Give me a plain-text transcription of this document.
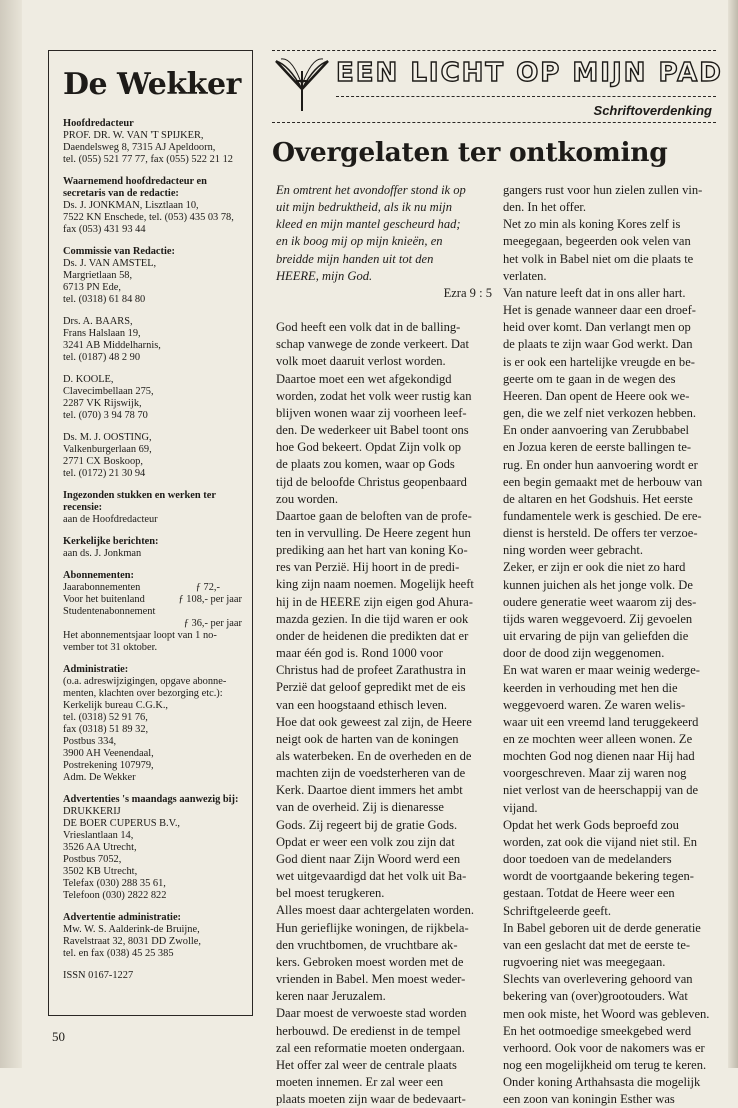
De Wekker
Hoofdredacteur
PROF. DR. W. VAN 'T SPIJKER,
Daendelsweg 8, 7315 AJ Apeldoorn,
tel. (055) 521 77 77, fax (055) 522 21 12
Waarnemend hoofdredacteur en
secretaris van de redactie:
Ds. J. JONKMAN, Lisztlaan 10,
7522 KN Enschede, tel. (053) 435 03 78,
fax (053) 431 93 44
Commissie van Redactie:
Ds. J. VAN AMSTEL,
Margrietlaan 58,
6713 PN Ede,
tel. (0318) 61 84 80
Drs. A. BAARS,
Frans Halslaan 19,
3241 AB Middelharnis,
tel. (0187) 48 2 90
D. KOOLE,
Clavecimbellaan 275,
2287 VK Rijswijk,
tel. (070) 3 94 78 70
Ds. M. J. OOSTING,
Valkenburgerlaan 69,
2771 CX Boskoop,
tel. (0172) 21 30 94
Ingezonden stukken en werken ter
recensie:
aan de Hoofdredacteur
Kerkelijke berichten:
aan ds. J. Jonkman
Abonnementen:
Jaarabonnementen	ƒ 72,-
Voor het buitenland	ƒ 108,- per jaar
Studentenabonnement
ƒ 36,- per jaar
Het abonnementsjaar loopt van 1 no-
vember tot 31 oktober.
Administratie:
(o.a. adreswijzigingen, opgave abonne-
menten, klachten over bezorging etc.):
Kerkelijk bureau C.G.K.,
tel. (0318) 52 91 76,
fax (0318) 51 89 32,
Postbus 334,
3900 AH Veenendaal,
Postrekening 107979,
Adm. De Wekker
Advertenties 's maandags aanwezig bij:
DRUKKERIJ
DE BOER CUPERUS B.V.,
Vrieslantlaan 14,
3526 AA Utrecht,
Postbus 7052,
3502 KB Utrecht,
Telefax (030) 288 35 61,
Telefoon (030) 2822 822
Advertentie administratie:
Mw. W. S. Aalderink-de Bruijne,
Ravelstraat 32, 8031 DD Zwolle,
tel. en fax (038) 45 25 385
ISSN 0167-1227
EEN LICHT OP MIJN PAD
Schriftoverdenking
Overgelaten ter ontkoming
En omtrent het avondoffer stond ik op
uit mijn bedruktheid, als ik nu mijn
kleed en mijn mantel gescheurd had;
en ik boog mij op mijn knieën, en
breidde mijn handen uit tot den
HEERE, mijn God.

Ezra 9 : 5

God heeft een volk dat in de balling-
schap vanwege de zonde verkeert. Dat
volk moet daaruit verlost worden.
Daartoe moet een wet afgekondigd
worden, zodat het volk weer rustig kan
blijven wonen waar zij voorheen leef-
den. De wederkeer uit Babel toont ons
hoe God bekeert. Opdat Zijn volk op
de plaats zou komen, waar op Gods
tijd de beloofde Christus geopenbaard
zou worden.
Daartoe gaan de beloften van de profe-
ten in vervulling. De Heere zegent hun
prediking aan het hart van koning Ko-
res van Perzië. Hij hoort in de predi-
king zijn naam noemen. Mogelijk heeft
hij in de HEERE zijn eigen god Ahura-
mazda gezien. In die tijd waren er ook
onder de heidenen die predikten dat er
maar één god is. Rond 1000 voor
Christus had de profeet Zarathustra in
Perzië dat geloof gepredikt met de eis
van een hoogstaand ethisch leven.
Hoe dat ook geweest zal zijn, de Heere
neigt ook de harten van de koningen
als waterbeken. En de overheden en de
machten zijn de voedsterheren van de
Kerk. Daartoe dient immers het ambt
van de overheid. Zij is dienaresse
Gods. Zij regeert bij de gratie Gods.
Opdat er weer een volk zou zijn dat
God dient naar Zijn Woord werd een
wet uitgevaardigd dat het volk uit Ba-
bel moest terugkeren.
Alles moest daar achtergelaten worden.
Hun gerieflijke woningen, de rijkbela-
den vruchtbomen, de vruchtbare ak-
kers. Gebroken moest worden met de
vrienden in Babel. Men moest weder-
keren naar Jeruzalem.
Daar moest de verwoeste stad worden
herbouwd. De eredienst in de tempel
zal een reformatie moeten ondergaan.
Het offer zal weer de centrale plaats
moeten innemen. Er zal weer een
plaats moeten zijn waar de bedevaart-
gangers rust voor hun zielen zullen vin-
den. In het offer.
Net zo min als koning Kores zelf is
meegegaan, begeerden ook velen van
het volk in Babel niet om die plaats te
verlaten.
Van nature leeft dat in ons aller hart.
Het is genade wanneer daar een droef-
heid over komt. Dan verlangt men op
de plaats te zijn waar God werkt. Dan
is er ook een hartelijke vreugde en be-
geerte om te gaan in de wegen des
Heeren. Dan opent de Heere ook we-
gen, die we zelf niet verkozen hebben.
En onder aanvoering van Zerubbabel
en Jozua keren de eerste ballingen te-
rug. En onder hun aanvoering wordt er
een begin gemaakt met de herbouw van
de altaren en het Godshuis. Het eerste
fundamentele werk is geschied. De ere-
dienst is hersteld. De offers ter verzoe-
ning worden weer gebracht.
Zeker, er zijn er ook die niet zo hard
kunnen juichen als het jonge volk. De
oudere generatie weet waarom zij des-
tijds waren weggevoerd. Zij gevoelen
uit ervaring de pijn van geliefden die
door de dood zijn weggenomen.
En wat waren er maar weinig wederge-
keerden in verhouding met hen die
weggevoerd waren. Ze waren welis-
waar uit een vreemd land teruggekeerd
en ze mochten weer alleen wonen. Ze
mochten God nog dienen naar Hij had
voorgeschreven. Maar zij waren nog
niet verlost van de heerschappij van de
vijand.
Opdat het werk Gods beproefd zou
worden, zat ook die vijand niet stil. En
door toedoen van de medelanders
wordt de voortgaande bekering tegen-
gestaan. Totdat de Heere weer een
Schriftgeleerde geeft.
In Babel geboren uit de derde generatie
van een geslacht dat met de eerste te-
rugvoering niet was meegegaan.
Slechts van overlevering gehoord van
bekering van (over)grootouders. Wat
men ook miste, het Woord was gebleven.
En het ootmoedige smeekgebed werd
verhoord. Ook voor de nakomers was er
nog een mogelijkheid om terug te keren.
Onder koning Arthahsasta die mogelijk
een zoon van koningin Esther was
50
